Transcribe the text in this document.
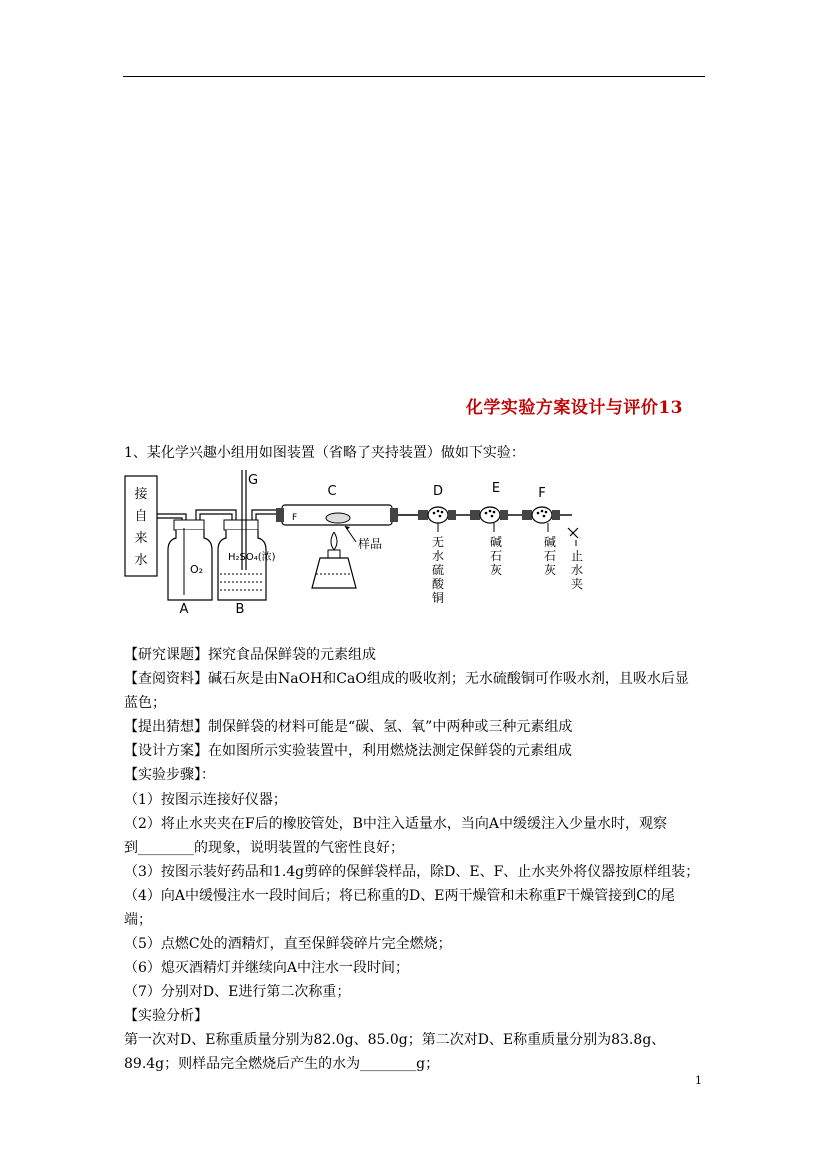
化学实验方案设计与评价13
1、某化学兴趣小组用如图装置（省略了夹持装置）做如下实验：
接
自
来
水
O₂
A
H₂SO₄(浓)
B
G
F
C
样品
D
无
水
硫
酸
铜
E
碱
石
灰
F
碱
石
灰
止
水
夹
【研究课题】探究食品保鲜袋的元素组成
【查阅资料】碱石灰是由NaOH和CaO组成的吸收剂；无水硫酸铜可作吸水剂，且吸水后显
蓝色；
【提出猜想】制保鲜袋的材料可能是“碳、氢、氧”中两种或三种元素组成
【设计方案】在如图所示实验装置中，利用燃烧法测定保鲜袋的元素组成
【实验步骤】：
（1）按图示连接好仪器；
（2）将止水夹夹在F后的橡胶管处，B中注入适量水，当向A中缓缓注入少量水时，观察
到________的现象，说明装置的气密性良好；
（3）按图示装好药品和1.4g剪碎的保鲜袋样品，除D、E、F、止水夹外将仪器按原样组装；
（4）向A中缓慢注水一段时间后；将已称重的D、E两干燥管和未称重F干燥管接到C的尾
端；
（5）点燃C处的酒精灯，直至保鲜袋碎片完全燃烧；
（6）熄灭酒精灯并继续向A中注水一段时间；
（7）分别对D、E进行第二次称重；
【实验分析】
第一次对D、E称重质量分别为82.0g、85.0g；第二次对D、E称重质量分别为83.8g、
89.4g；则样品完全燃烧后产生的水为________g；
1
